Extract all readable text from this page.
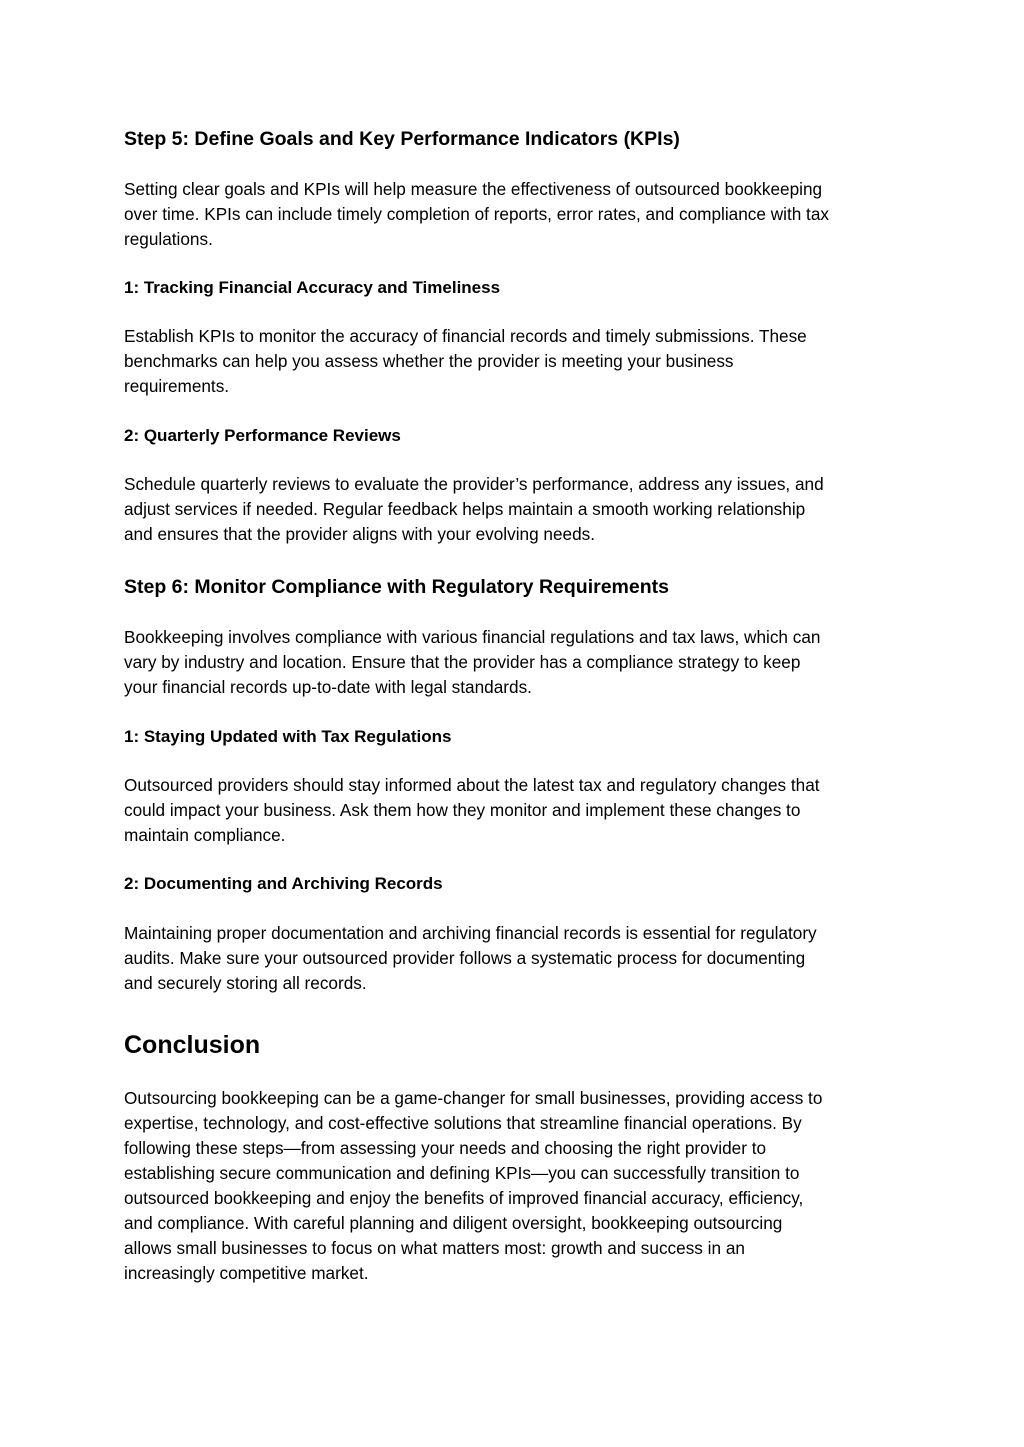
Step 5: Define Goals and Key Performance Indicators (KPIs)

Setting clear goals and KPIs will help measure the effectiveness of outsourced bookkeeping
over time. KPIs can include timely completion of reports, error rates, and compliance with tax
regulations.

1: Tracking Financial Accuracy and Timeliness

Establish KPIs to monitor the accuracy of financial records and timely submissions. These
benchmarks can help you assess whether the provider is meeting your business
requirements.

2: Quarterly Performance Reviews

Schedule quarterly reviews to evaluate the provider’s performance, address any issues, and
adjust services if needed. Regular feedback helps maintain a smooth working relationship
and ensures that the provider aligns with your evolving needs.

Step 6: Monitor Compliance with Regulatory Requirements

Bookkeeping involves compliance with various financial regulations and tax laws, which can
vary by industry and location. Ensure that the provider has a compliance strategy to keep
your financial records up-to-date with legal standards.

1: Staying Updated with Tax Regulations

Outsourced providers should stay informed about the latest tax and regulatory changes that
could impact your business. Ask them how they monitor and implement these changes to
maintain compliance.

2: Documenting and Archiving Records

Maintaining proper documentation and archiving financial records is essential for regulatory
audits. Make sure your outsourced provider follows a systematic process for documenting
and securely storing all records.

Conclusion

Outsourcing bookkeeping can be a game-changer for small businesses, providing access to
expertise, technology, and cost-effective solutions that streamline financial operations. By
following these steps—from assessing your needs and choosing the right provider to
establishing secure communication and defining KPIs—you can successfully transition to
outsourced bookkeeping and enjoy the benefits of improved financial accuracy, efficiency,
and compliance. With careful planning and diligent oversight, bookkeeping outsourcing
allows small businesses to focus on what matters most: growth and success in an
increasingly competitive market.
